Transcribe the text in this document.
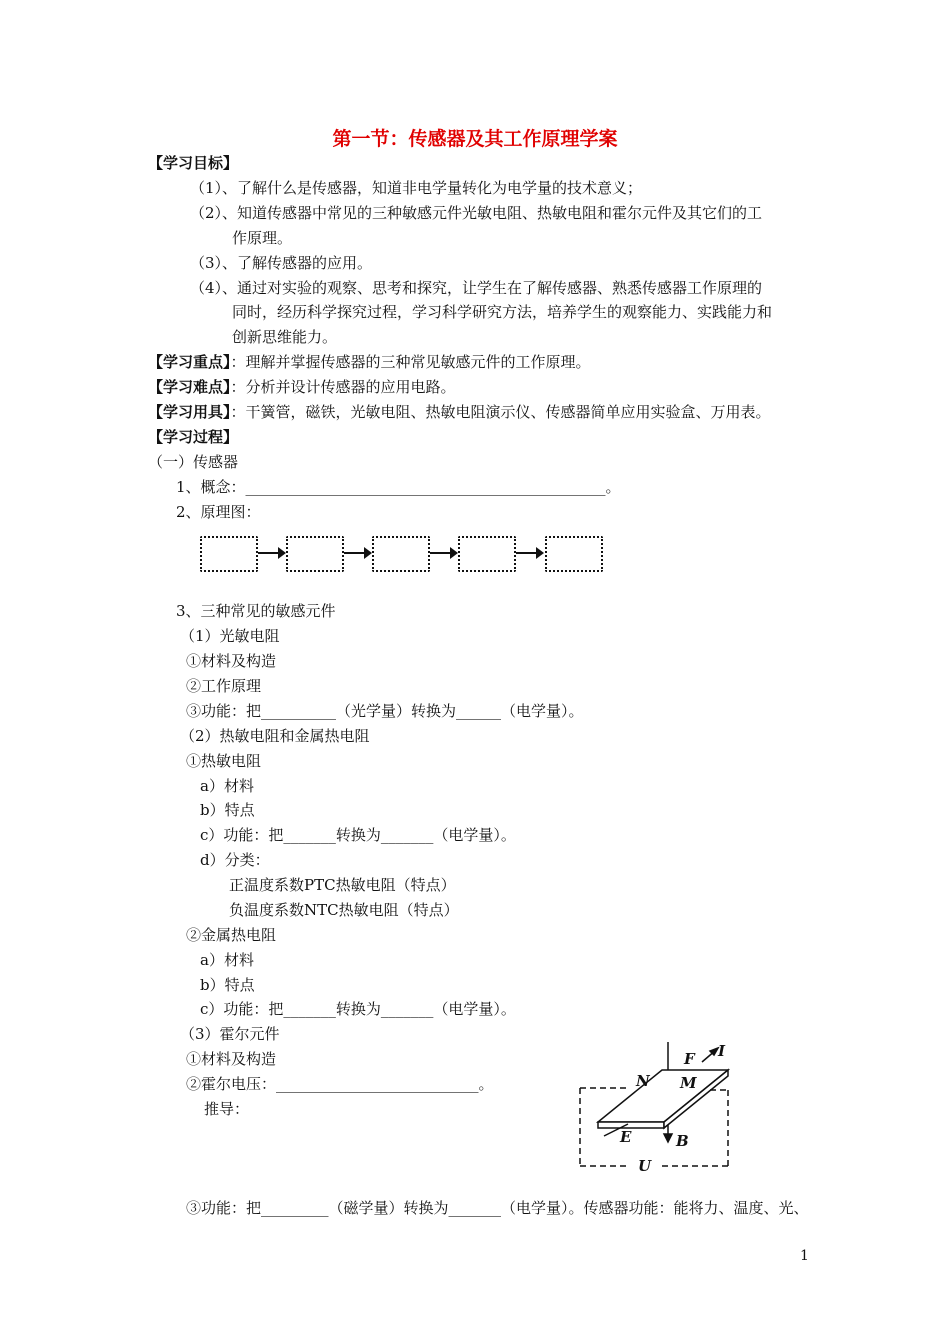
第一节：传感器及其工作原理学案
【学习目标】
（1）、了解什么是传感器，知道非电学量转化为电学量的技术意义；
（2）、知道传感器中常见的三种敏感元件光敏电阻、热敏电阻和霍尔元件及其它们的工
作原理。
（3）、了解传感器的应用。
（4）、通过对实验的观察、思考和探究，让学生在了解传感器、熟悉传感器工作原理的
同时，经历科学探究过程，学习科学研究方法，培养学生的观察能力、实践能力和
创新思维能力。
【学习重点】：理解并掌握传感器的三种常见敏感元件的工作原理。
【学习难点】：分析并设计传感器的应用电路。
【学习用具】：干簧管，磁铁，光敏电阻、热敏电阻演示仪、传感器简单应用实验盒、万用表。
【学习过程】
（一）传感器
1、概念：________________________________________________。
2、原理图：
3、三种常见的敏感元件
（1）光敏电阻
①材料及构造
②工作原理
③功能：把__________（光学量）转换为______（电学量）。
（2）热敏电阻和金属热电阻
①热敏电阻
a）材料
b）特点
c）功能：把_______转换为_______（电学量）。
d）分类：
正温度系数PTC热敏电阻（特点）
负温度系数NTC热敏电阻（特点）
②金属热电阻
a）材料
b）特点
c）功能：把_______转换为_______（电学量）。
（3）霍尔元件
①材料及构造
②霍尔电压：___________________________。
推导：
③功能：把_________（磁学量）转换为_______（电学量）。传感器功能：能将力、温度、光、
F I
N M
E	B
U
1
